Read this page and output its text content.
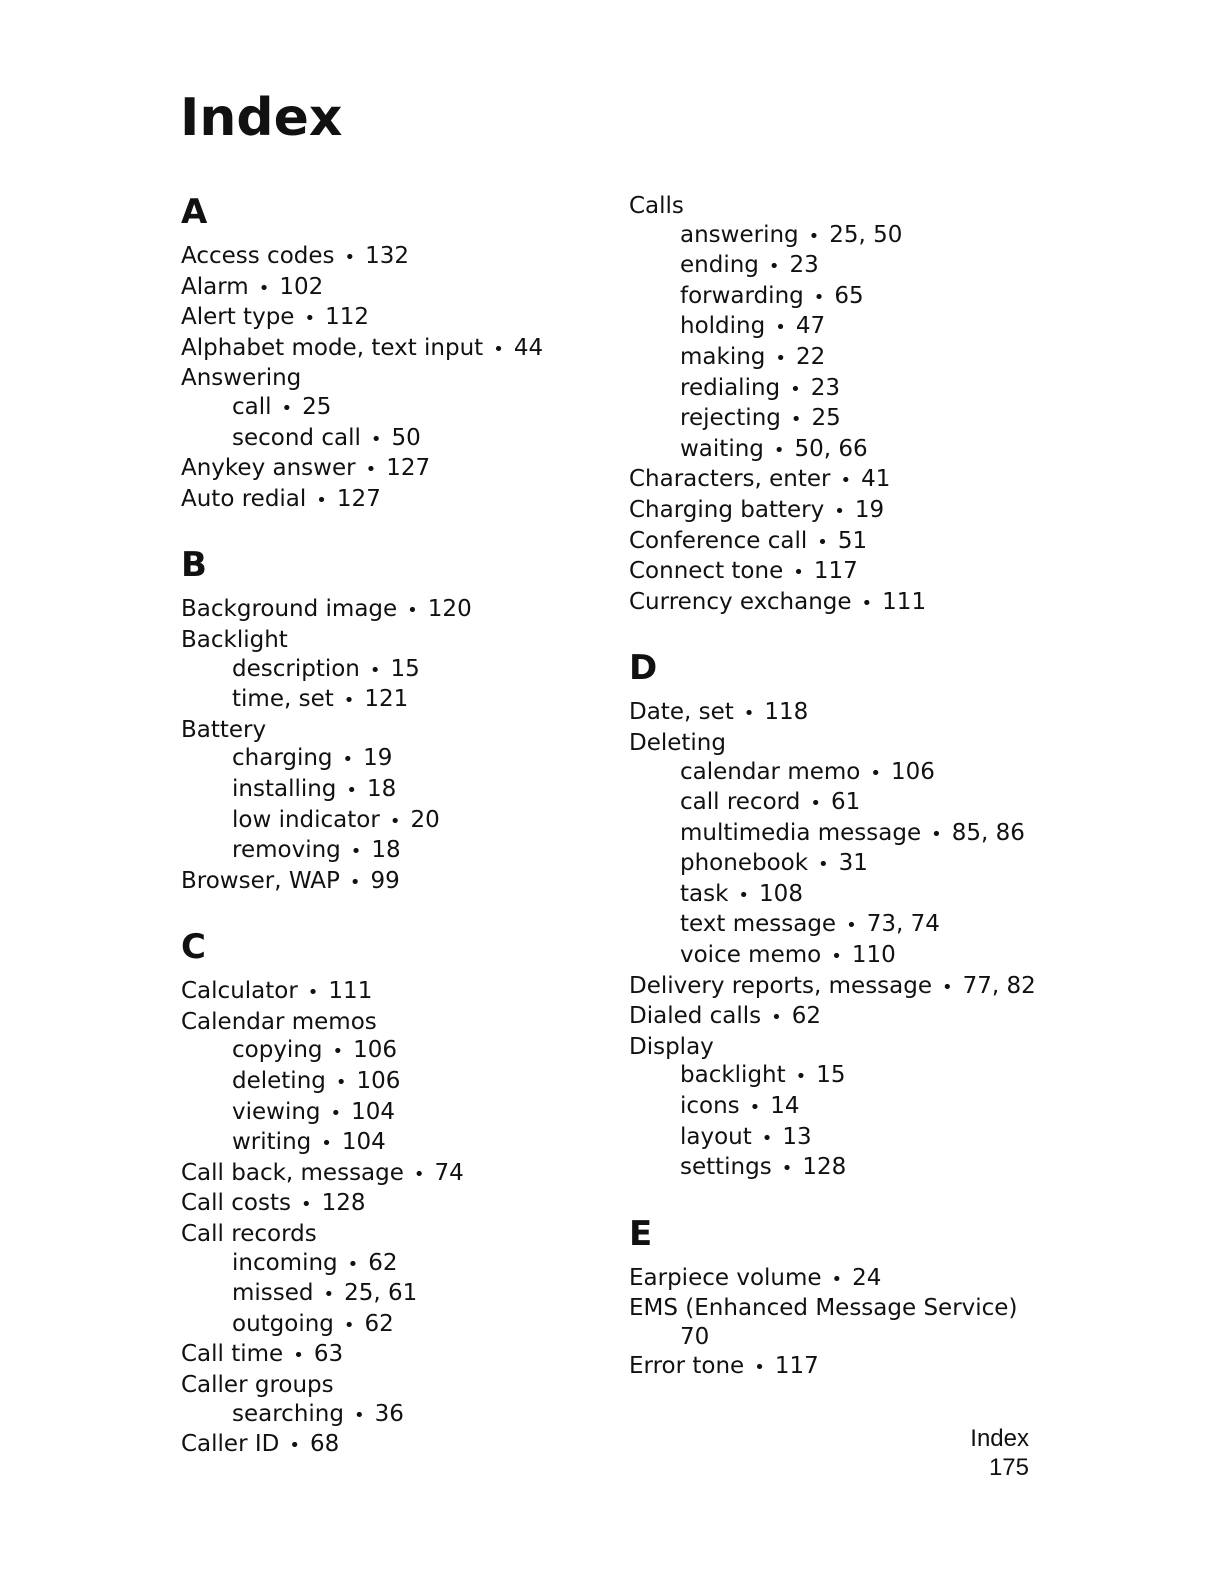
Index
A
Access codes • 132
Alarm • 102
Alert type • 112
Alphabet mode, text input • 44
Answering
call • 25
second call • 50
Anykey answer • 127
Auto redial • 127
B
Background image • 120
Backlight
description • 15
time, set • 121
Battery
charging • 19
installing • 18
low indicator • 20
removing • 18
Browser, WAP • 99
C
Calculator • 111
Calendar memos
copying • 106
deleting • 106
viewing • 104
writing • 104
Call back, message • 74
Call costs • 128
Call records
incoming • 62
missed • 25, 61
outgoing • 62
Call time • 63
Caller groups
searching • 36
Caller ID • 68
Calls
answering • 25, 50
ending • 23
forwarding • 65
holding • 47
making • 22
redialing • 23
rejecting • 25
waiting • 50, 66
Characters, enter • 41
Charging battery • 19
Conference call • 51
Connect tone • 117
Currency exchange • 111
D
Date, set • 118
Deleting
calendar memo • 106
call record • 61
multimedia message • 85, 86
phonebook • 31
task • 108
text message • 73, 74
voice memo • 110
Delivery reports, message • 77, 82
Dialed calls • 62
Display
backlight • 15
icons • 14
layout • 13
settings • 128
E
Earpiece volume • 24
EMS (Enhanced Message Service)
70
Error tone • 117
Index
175
